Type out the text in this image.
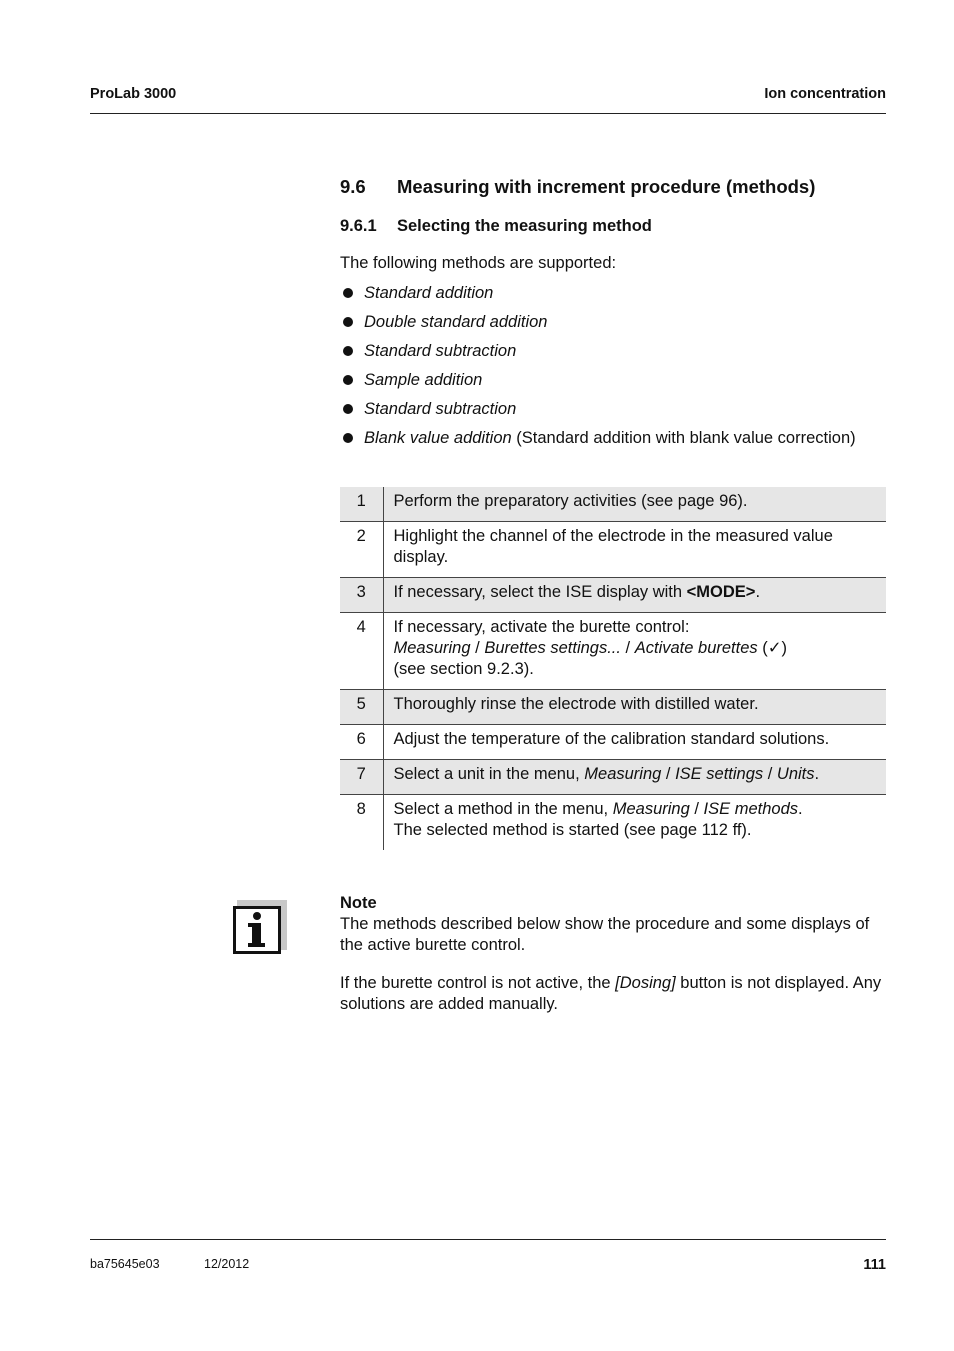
ProLab 3000	Ion concentration
9.6 Measuring with increment procedure (methods)
9.6.1 Selecting the measuring method
The following methods are supported:
Standard addition
Double standard addition
Standard subtraction
Sample addition
Standard subtraction
Blank value addition (Standard addition with blank value correction)
1	Perform the preparatory activities (see page 96).
2	Highlight the channel of the electrode in the measured value display.
3	If necessary, select the ISE display with <MODE>.
4	If necessary, activate the burette control:
Measuring / Burettes settings... / Activate burettes (✓)
(see section 9.2.3).
5	Thoroughly rinse the electrode with distilled water.
6	Adjust the temperature of the calibration standard solutions.
7	Select a unit in the menu, Measuring / ISE settings / Units.
8	Select a method in the menu, Measuring / ISE methods.
The selected method is started (see page 112 ff).
Note

The methods described below show the procedure and some displays of the active burette control.

If the burette control is not active, the [Dosing] button is not displayed. Any solutions are added manually.

ba75645e03	12/2012	111
